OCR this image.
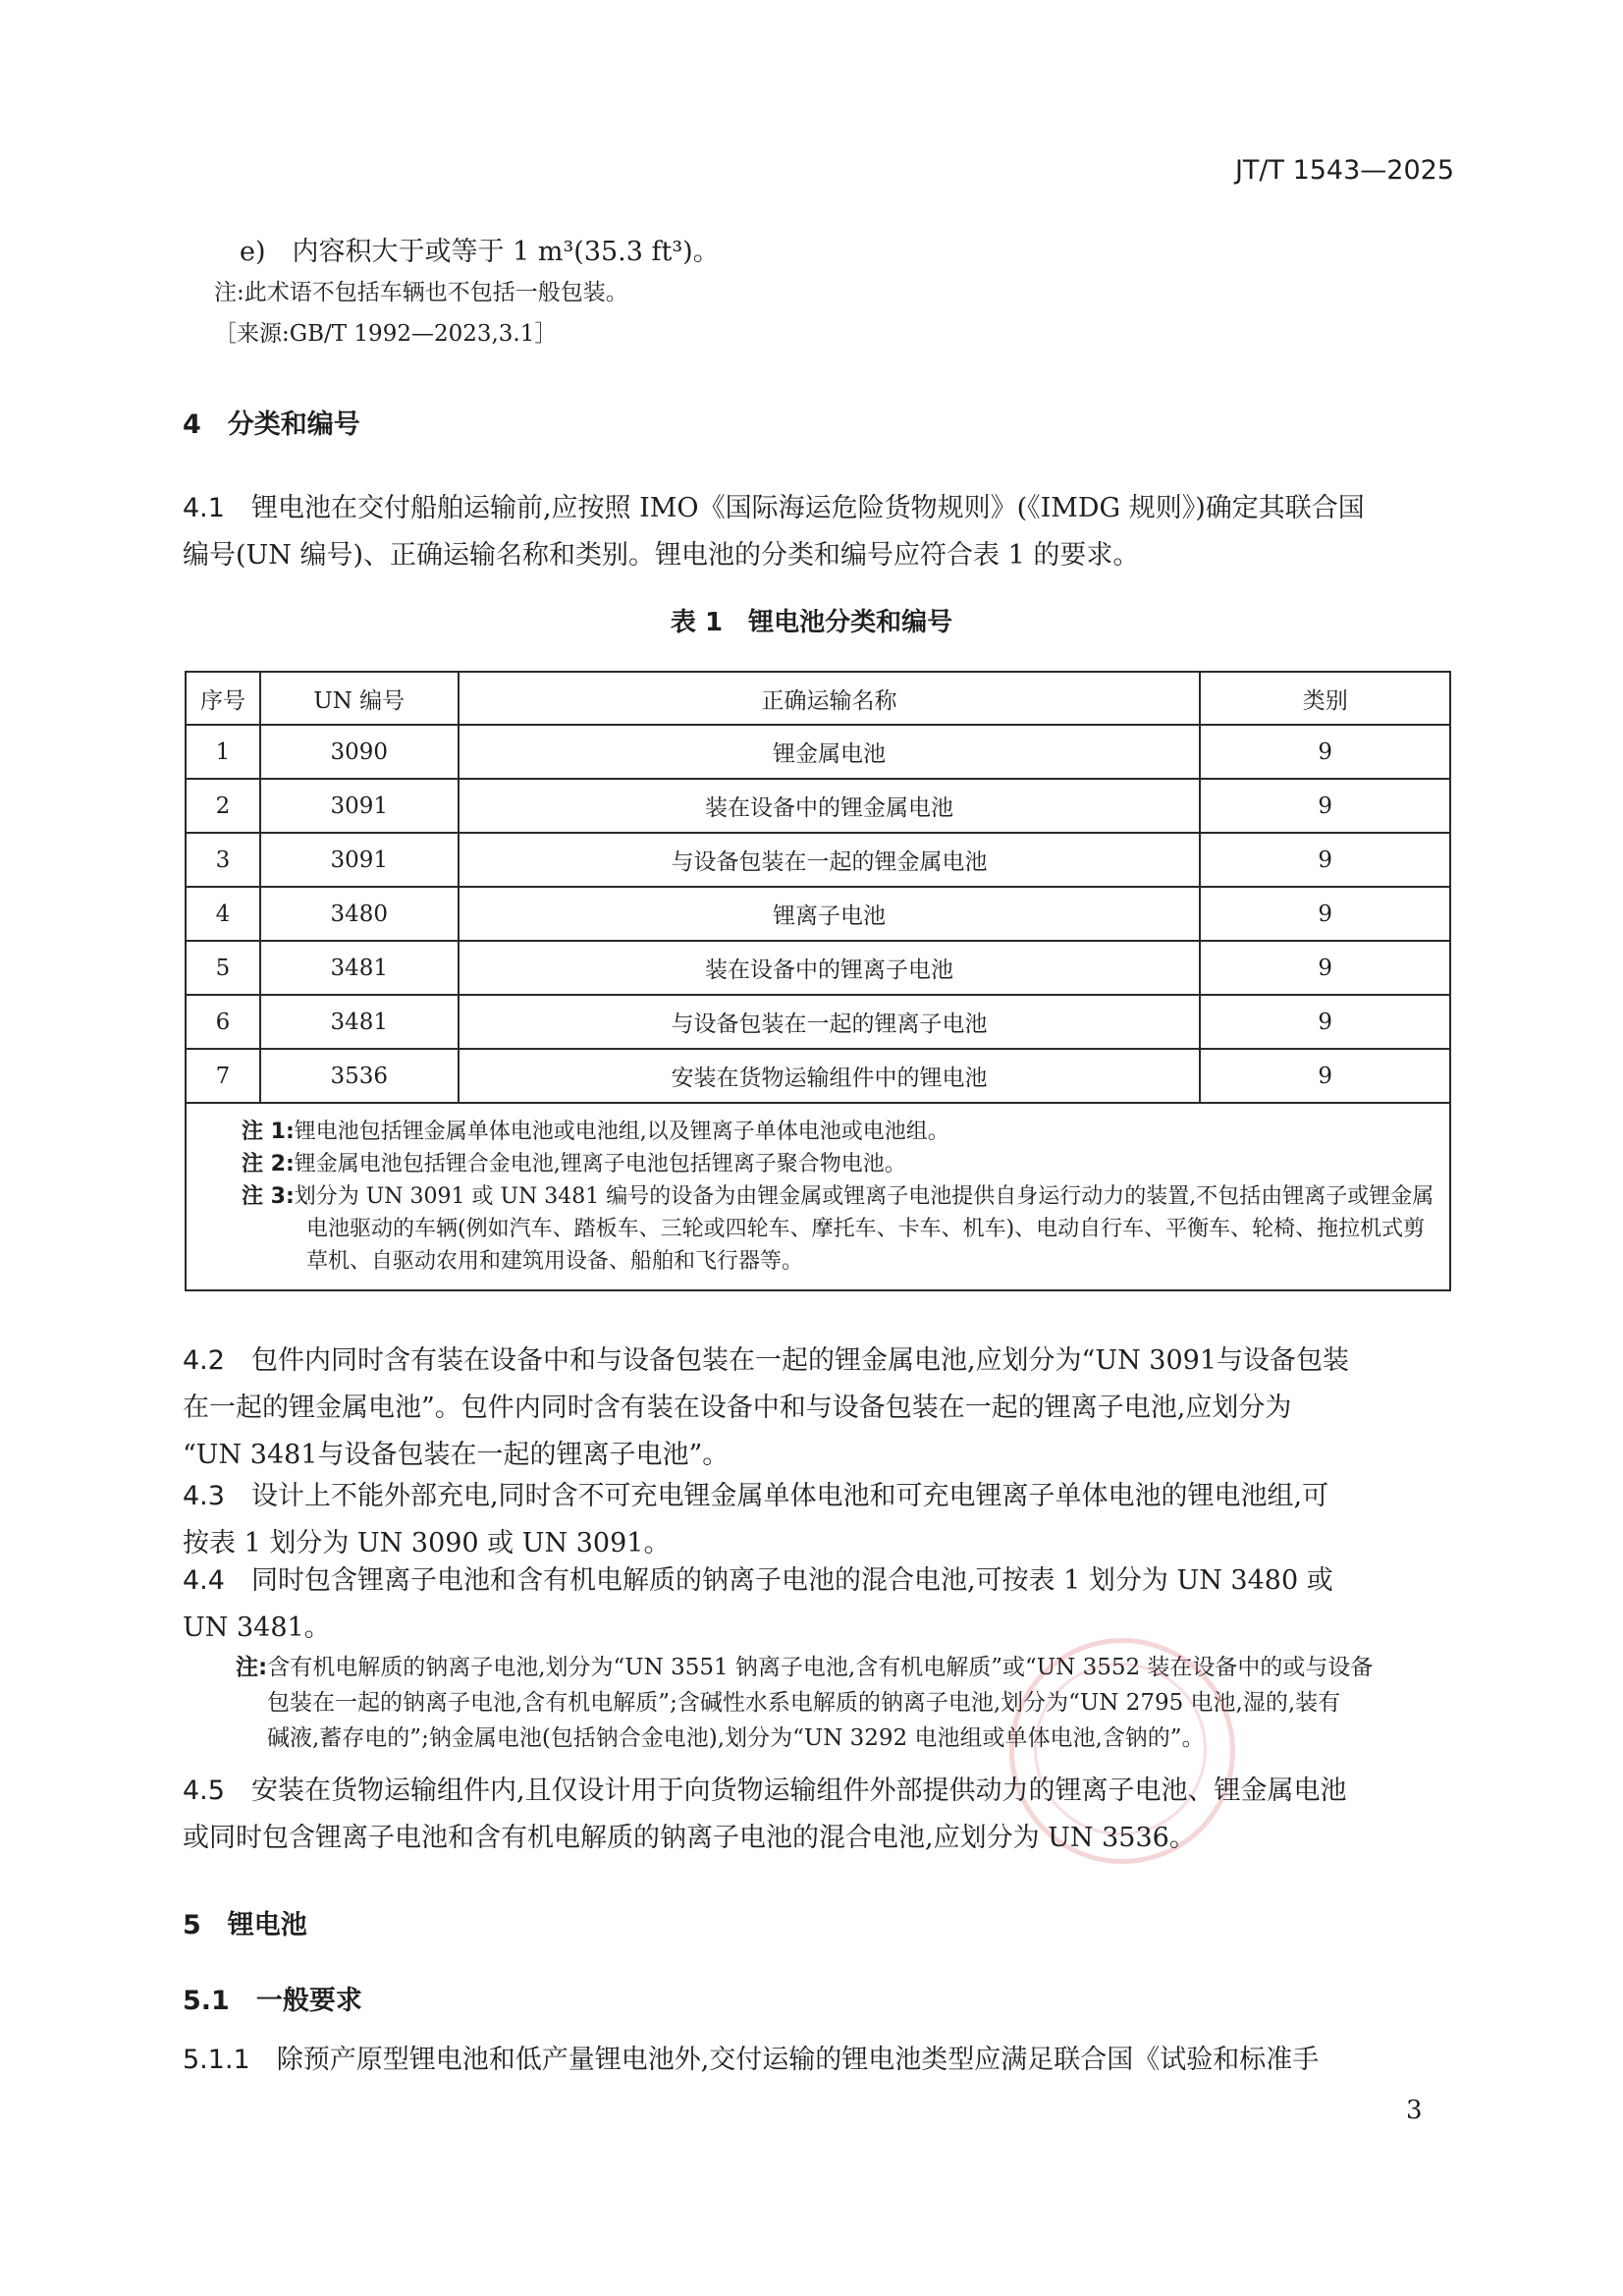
JT/T 1543—2025
e)　内容积大于或等于 1 m³(35.3 ft³)。
注:此术语不包括车辆也不包括一般包装。
［来源:GB/T 1992—2023,3.1］
4　分类和编号
4.1　 锂电池在交付船舶运输前,应按照 IMO《国际海运危险货物规则》(《IMDG 规则》)确定其联合国
编号(UN 编号)、正确运输名称和类别。锂电池的分类和编号应符合表 1 的要求。
表 1　锂电池分类和编号
序号	UN 编号	正确运输名称	类别
1	3090	锂金属电池	9
2	3091	装在设备中的锂金属电池	9
3	3091	与设备包装在一起的锂金属电池	9
4	3480	锂离子电池	9
5	3481	装在设备中的锂离子电池	9
6	3481	与设备包装在一起的锂离子电池	9
7	3536	安装在货物运输组件中的锂电池	9

注 1:锂电池包括锂金属单体电池或电池组,以及锂离子单体电池或电池组。
注 2:锂金属电池包括锂合金电池,锂离子电池包括锂离子聚合物电池。
注 3:划分为 UN 3091 或 UN 3481 编号的设备为由锂金属或锂离子电池提供自身运行动力的装置,不包括由锂离子或锂金属电池驱动的车辆(例如汽车、踏板车、三轮或四轮车、摩托车、卡车、机车)、电动自行车、平衡车、轮椅、拖拉机式剪草机、自驱动农用和建筑用设备、船舶和飞行器等。			
4.2　 包件内同时含有装在设备中和与设备包装在一起的锂金属电池,应划分为“UN 3091与设备包装
在一起的锂金属电池”。包件内同时含有装在设备中和与设备包装在一起的锂离子电池,应划分为
“UN 3481与设备包装在一起的锂离子电池”。
4.3　 设计上不能外部充电,同时含不可充电锂金属单体电池和可充电锂离子单体电池的锂电池组,可
按表 1 划分为 UN 3090 或 UN 3091。
4.4　 同时包含锂离子电池和含有机电解质的钠离子电池的混合电池,可按表 1 划分为 UN 3480 或
UN 3481。
注:含有机电解质的钠离子电池,划分为“UN 3551 钠离子电池,含有机电解质”或“UN 3552 装在设备中的或与设备
包装在一起的钠离子电池,含有机电解质”;含碱性水系电解质的钠离子电池,划分为“UN 2795 电池,湿的,装有
碱液,蓄存电的”;钠金属电池(包括钠合金电池),划分为“UN 3292 电池组或单体电池,含钠的”。
4.5　 安装在货物运输组件内,且仅设计用于向货物运输组件外部提供动力的锂离子电池、锂金属电池
或同时包含锂离子电池和含有机电解质的钠离子电池的混合电池,应划分为 UN 3536。
5　锂电池
5.1　一般要求
5.1.1　 除预产原型锂电池和低产量锂电池外,交付运输的锂电池类型应满足联合国《试验和标准手
3
